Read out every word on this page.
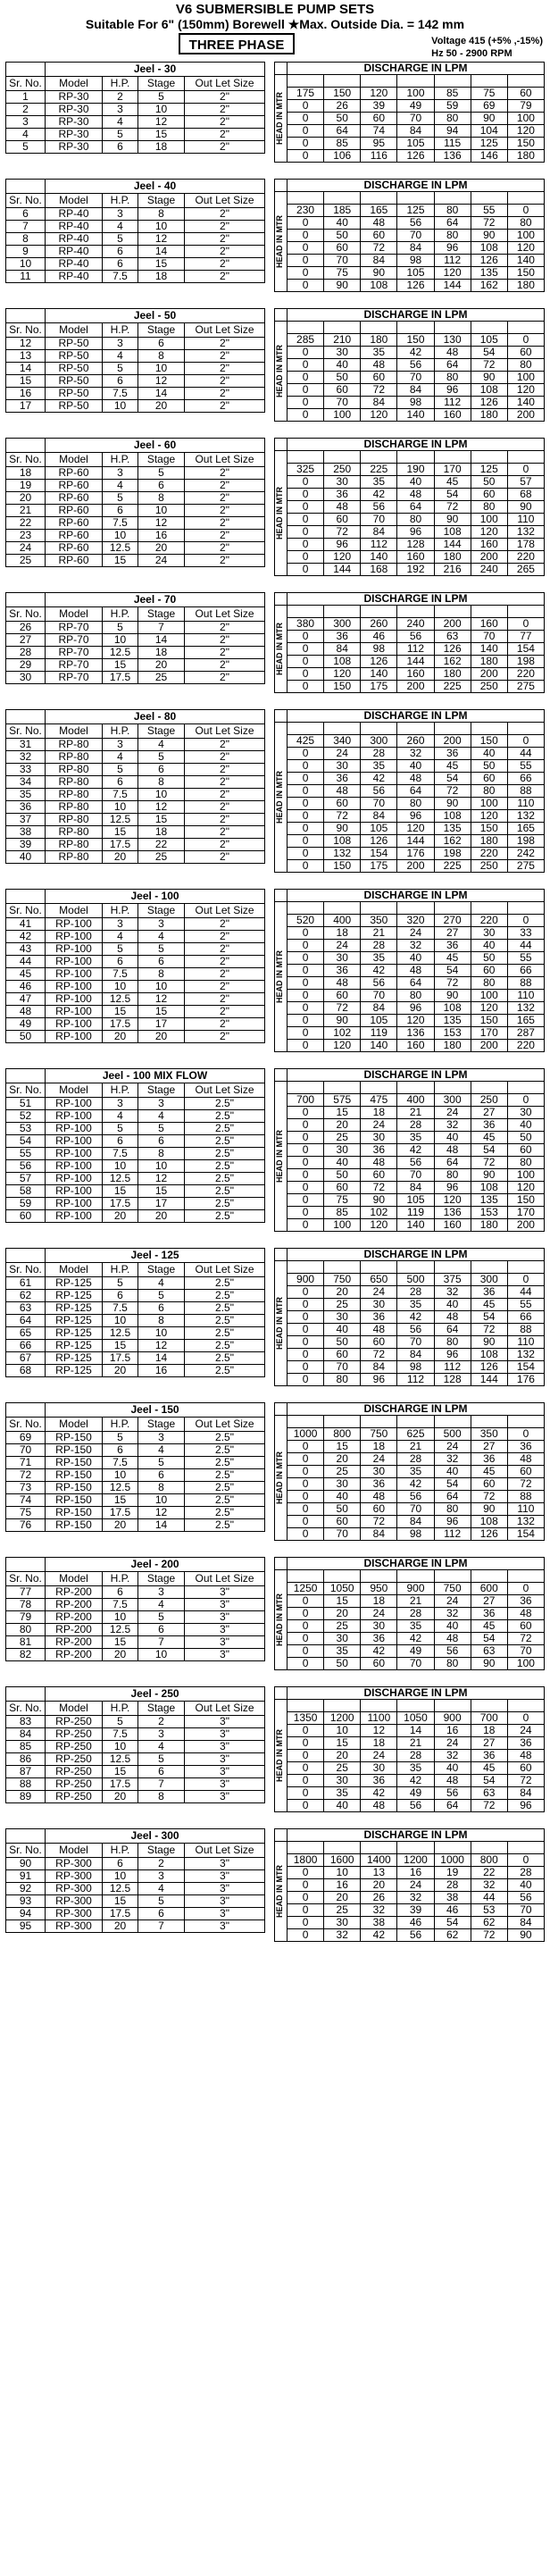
V6 SUBMERSIBLE PUMP SETS
Suitable For 6" (150mm) Borewell ★Max. Outside Dia. = 142 mm
THREE PHASE	Voltage 415 (+5% ,-15%)
Hz 50 - 2900 RPM
	Jeel - 30			
Sr. No.	Model	H.P.	Stage	Out Let Size

1	RP-30	2	5	2"
2	RP-30	3	10	2"
3	RP-30	4	12	2"
4	RP-30	5	15	2"
5	RP-30	6	18	2"
	DISCHARGE IN LPM						

HEAD IN MTR							

	175	150	120	100	85	75	60
	0	26	39	49	59	69	79
	0	50	60	70	80	90	100
	0	64	74	84	94	104	120
	0	85	95	105	115	125	150
	0	106	116	126	136	146	180
	Jeel - 40			
Sr. No.	Model	H.P.	Stage	Out Let Size

6	RP-40	3	8	2"
7	RP-40	4	10	2"
8	RP-40	5	12	2"
9	RP-40	6	14	2"
10	RP-40	6	15	2"
11	RP-40	7.5	18	2"
	DISCHARGE IN LPM						

HEAD IN MTR							

	230	185	165	125	80	55	0
	0	40	48	56	64	72	80
	0	50	60	70	80	90	100
	0	60	72	84	96	108	120
	0	70	84	98	112	126	140
	0	75	90	105	120	135	150
	0	90	108	126	144	162	180
	Jeel - 50			
Sr. No.	Model	H.P.	Stage	Out Let Size

12	RP-50	3	6	2"
13	RP-50	4	8	2"
14	RP-50	5	10	2"
15	RP-50	6	12	2"
16	RP-50	7.5	14	2"
17	RP-50	10	20	2"
	DISCHARGE IN LPM						

HEAD IN MTR							

	285	210	180	150	130	105	0
	0	30	35	42	48	54	60
	0	40	48	56	64	72	80
	0	50	60	70	80	90	100
	0	60	72	84	96	108	120
	0	70	84	98	112	126	140
	0	100	120	140	160	180	200
	Jeel - 60			
Sr. No.	Model	H.P.	Stage	Out Let Size

18	RP-60	3	5	2"
19	RP-60	4	6	2"
20	RP-60	5	8	2"
21	RP-60	6	10	2"
22	RP-60	7.5	12	2"
23	RP-60	10	16	2"
24	RP-60	12.5	20	2"
25	RP-60	15	24	2"
	DISCHARGE IN LPM						

HEAD IN MTR							

	325	250	225	190	170	125	0
	0	30	35	40	45	50	57
	0	36	42	48	54	60	68
	0	48	56	64	72	80	90
	0	60	70	80	90	100	110
	0	72	84	96	108	120	132
	0	96	112	128	144	160	178
	0	120	140	160	180	200	220
	0	144	168	192	216	240	265
	Jeel - 70			
Sr. No.	Model	H.P.	Stage	Out Let Size

26	RP-70	5	7	2"
27	RP-70	10	14	2"
28	RP-70	12.5	18	2"
29	RP-70	15	20	2"
30	RP-70	17.5	25	2"
	DISCHARGE IN LPM						

HEAD IN MTR							

	380	300	260	240	200	160	0
	0	36	46	56	63	70	77
	0	84	98	112	126	140	154
	0	108	126	144	162	180	198
	0	120	140	160	180	200	220
	0	150	175	200	225	250	275
	Jeel - 80			
Sr. No.	Model	H.P.	Stage	Out Let Size

31	RP-80	3	4	2"
32	RP-80	4	5	2"
33	RP-80	5	6	2"
34	RP-80	6	8	2"
35	RP-80	7.5	10	2"
36	RP-80	10	12	2"
37	RP-80	12.5	15	2"
38	RP-80	15	18	2"
39	RP-80	17.5	22	2"
40	RP-80	20	25	2"
	DISCHARGE IN LPM						

HEAD IN MTR							

	425	340	300	260	200	150	0
	0	24	28	32	36	40	44
	0	30	35	40	45	50	55
	0	36	42	48	54	60	66
	0	48	56	64	72	80	88
	0	60	70	80	90	100	110
	0	72	84	96	108	120	132
	0	90	105	120	135	150	165
	0	108	126	144	162	180	198
	0	132	154	176	198	220	242
	0	150	175	200	225	250	275
	Jeel - 100			
Sr. No.	Model	H.P.	Stage	Out Let Size

41	RP-100	3	3	2"
42	RP-100	4	4	2"
43	RP-100	5	5	2"
44	RP-100	6	6	2"
45	RP-100	7.5	8	2"
46	RP-100	10	10	2"
47	RP-100	12.5	12	2"
48	RP-100	15	15	2"
49	RP-100	17.5	17	2"
50	RP-100	20	20	2"
	DISCHARGE IN LPM						

HEAD IN MTR							

	520	400	350	320	270	220	0
	0	18	21	24	27	30	33
	0	24	28	32	36	40	44
	0	30	35	40	45	50	55
	0	36	42	48	54	60	66
	0	48	56	64	72	80	88
	0	60	70	80	90	100	110
	0	72	84	96	108	120	132
	0	90	105	120	135	150	165
	0	102	119	136	153	170	287
	0	120	140	160	180	200	220
	Jeel - 100 MIX FLOW			
Sr. No.	Model	H.P.	Stage	Out Let Size

51	RP-100	3	3	2.5"
52	RP-100	4	4	2.5"
53	RP-100	5	5	2.5"
54	RP-100	6	6	2.5"
55	RP-100	7.5	8	2.5"
56	RP-100	10	10	2.5"
57	RP-100	12.5	12	2.5"
58	RP-100	15	15	2.5"
59	RP-100	17.5	17	2.5"
60	RP-100	20	20	2.5"
	DISCHARGE IN LPM						

HEAD IN MTR							

	700	575	475	400	300	250	0
	0	15	18	21	24	27	30
	0	20	24	28	32	36	40
	0	25	30	35	40	45	50
	0	30	36	42	48	54	60
	0	40	48	56	64	72	80
	0	50	60	70	80	90	100
	0	60	72	84	96	108	120
	0	75	90	105	120	135	150
	0	85	102	119	136	153	170
	0	100	120	140	160	180	200
	Jeel - 125			
Sr. No.	Model	H.P.	Stage	Out Let Size

61	RP-125	5	4	2.5"
62	RP-125	6	5	2.5"
63	RP-125	7.5	6	2.5"
64	RP-125	10	8	2.5"
65	RP-125	12.5	10	2.5"
66	RP-125	15	12	2.5"
67	RP-125	17.5	14	2.5"
68	RP-125	20	16	2.5"
	DISCHARGE IN LPM						

HEAD IN MTR							

	900	750	650	500	375	300	0
	0	20	24	28	32	36	44
	0	25	30	35	40	45	55
	0	30	36	42	48	54	66
	0	40	48	56	64	72	88
	0	50	60	70	80	90	110
	0	60	72	84	96	108	132
	0	70	84	98	112	126	154
	0	80	96	112	128	144	176
	Jeel - 150			
Sr. No.	Model	H.P.	Stage	Out Let Size

69	RP-150	5	3	2.5"
70	RP-150	6	4	2.5"
71	RP-150	7.5	5	2.5"
72	RP-150	10	6	2.5"
73	RP-150	12.5	8	2.5"
74	RP-150	15	10	2.5"
75	RP-150	17.5	12	2.5"
76	RP-150	20	14	2.5"
	DISCHARGE IN LPM						

HEAD IN MTR							

	1000	800	750	625	500	350	0
	0	15	18	21	24	27	36
	0	20	24	28	32	36	48
	0	25	30	35	40	45	60
	0	30	36	42	54	60	72
	0	40	48	56	64	72	88
	0	50	60	70	80	90	110
	0	60	72	84	96	108	132
	0	70	84	98	112	126	154
	Jeel - 200			
Sr. No.	Model	H.P.	Stage	Out Let Size

77	RP-200	6	3	3"
78	RP-200	7.5	4	3"
79	RP-200	10	5	3"
80	RP-200	12.5	6	3"
81	RP-200	15	7	3"
82	RP-200	20	10	3"
	DISCHARGE IN LPM						

HEAD IN MTR							

	1250	1050	950	900	750	600	0
	0	15	18	21	24	27	36
	0	20	24	28	32	36	48
	0	25	30	35	40	45	60
	0	30	36	42	48	54	72
	0	35	42	49	56	63	70
	0	50	60	70	80	90	100
	Jeel - 250			
Sr. No.	Model	H.P.	Stage	Out Let Size

83	RP-250	5	2	3"
84	RP-250	7.5	3	3"
85	RP-250	10	4	3"
86	RP-250	12.5	5	3"
87	RP-250	15	6	3"
88	RP-250	17.5	7	3"
89	RP-250	20	8	3"
	DISCHARGE IN LPM						

HEAD IN MTR							

	1350	1200	1100	1050	900	700	0
	0	10	12	14	16	18	24
	0	15	18	21	24	27	36
	0	20	24	28	32	36	48
	0	25	30	35	40	45	60
	0	30	36	42	48	54	72
	0	35	42	49	56	63	84
	0	40	48	56	64	72	96
	Jeel - 300			
Sr. No.	Model	H.P.	Stage	Out Let Size

90	RP-300	6	2	3"
91	RP-300	10	3	3"
92	RP-300	12.5	4	3"
93	RP-300	15	5	3"
94	RP-300	17.5	6	3"
95	RP-300	20	7	3"
	DISCHARGE IN LPM						

HEAD IN MTR							

	1800	1600	1400	1200	1000	800	0
	0	10	13	16	19	22	28
	0	16	20	24	28	32	40
	0	20	26	32	38	44	56
	0	25	32	39	46	53	70
	0	30	38	46	54	62	84
	0	32	42	56	62	72	90
